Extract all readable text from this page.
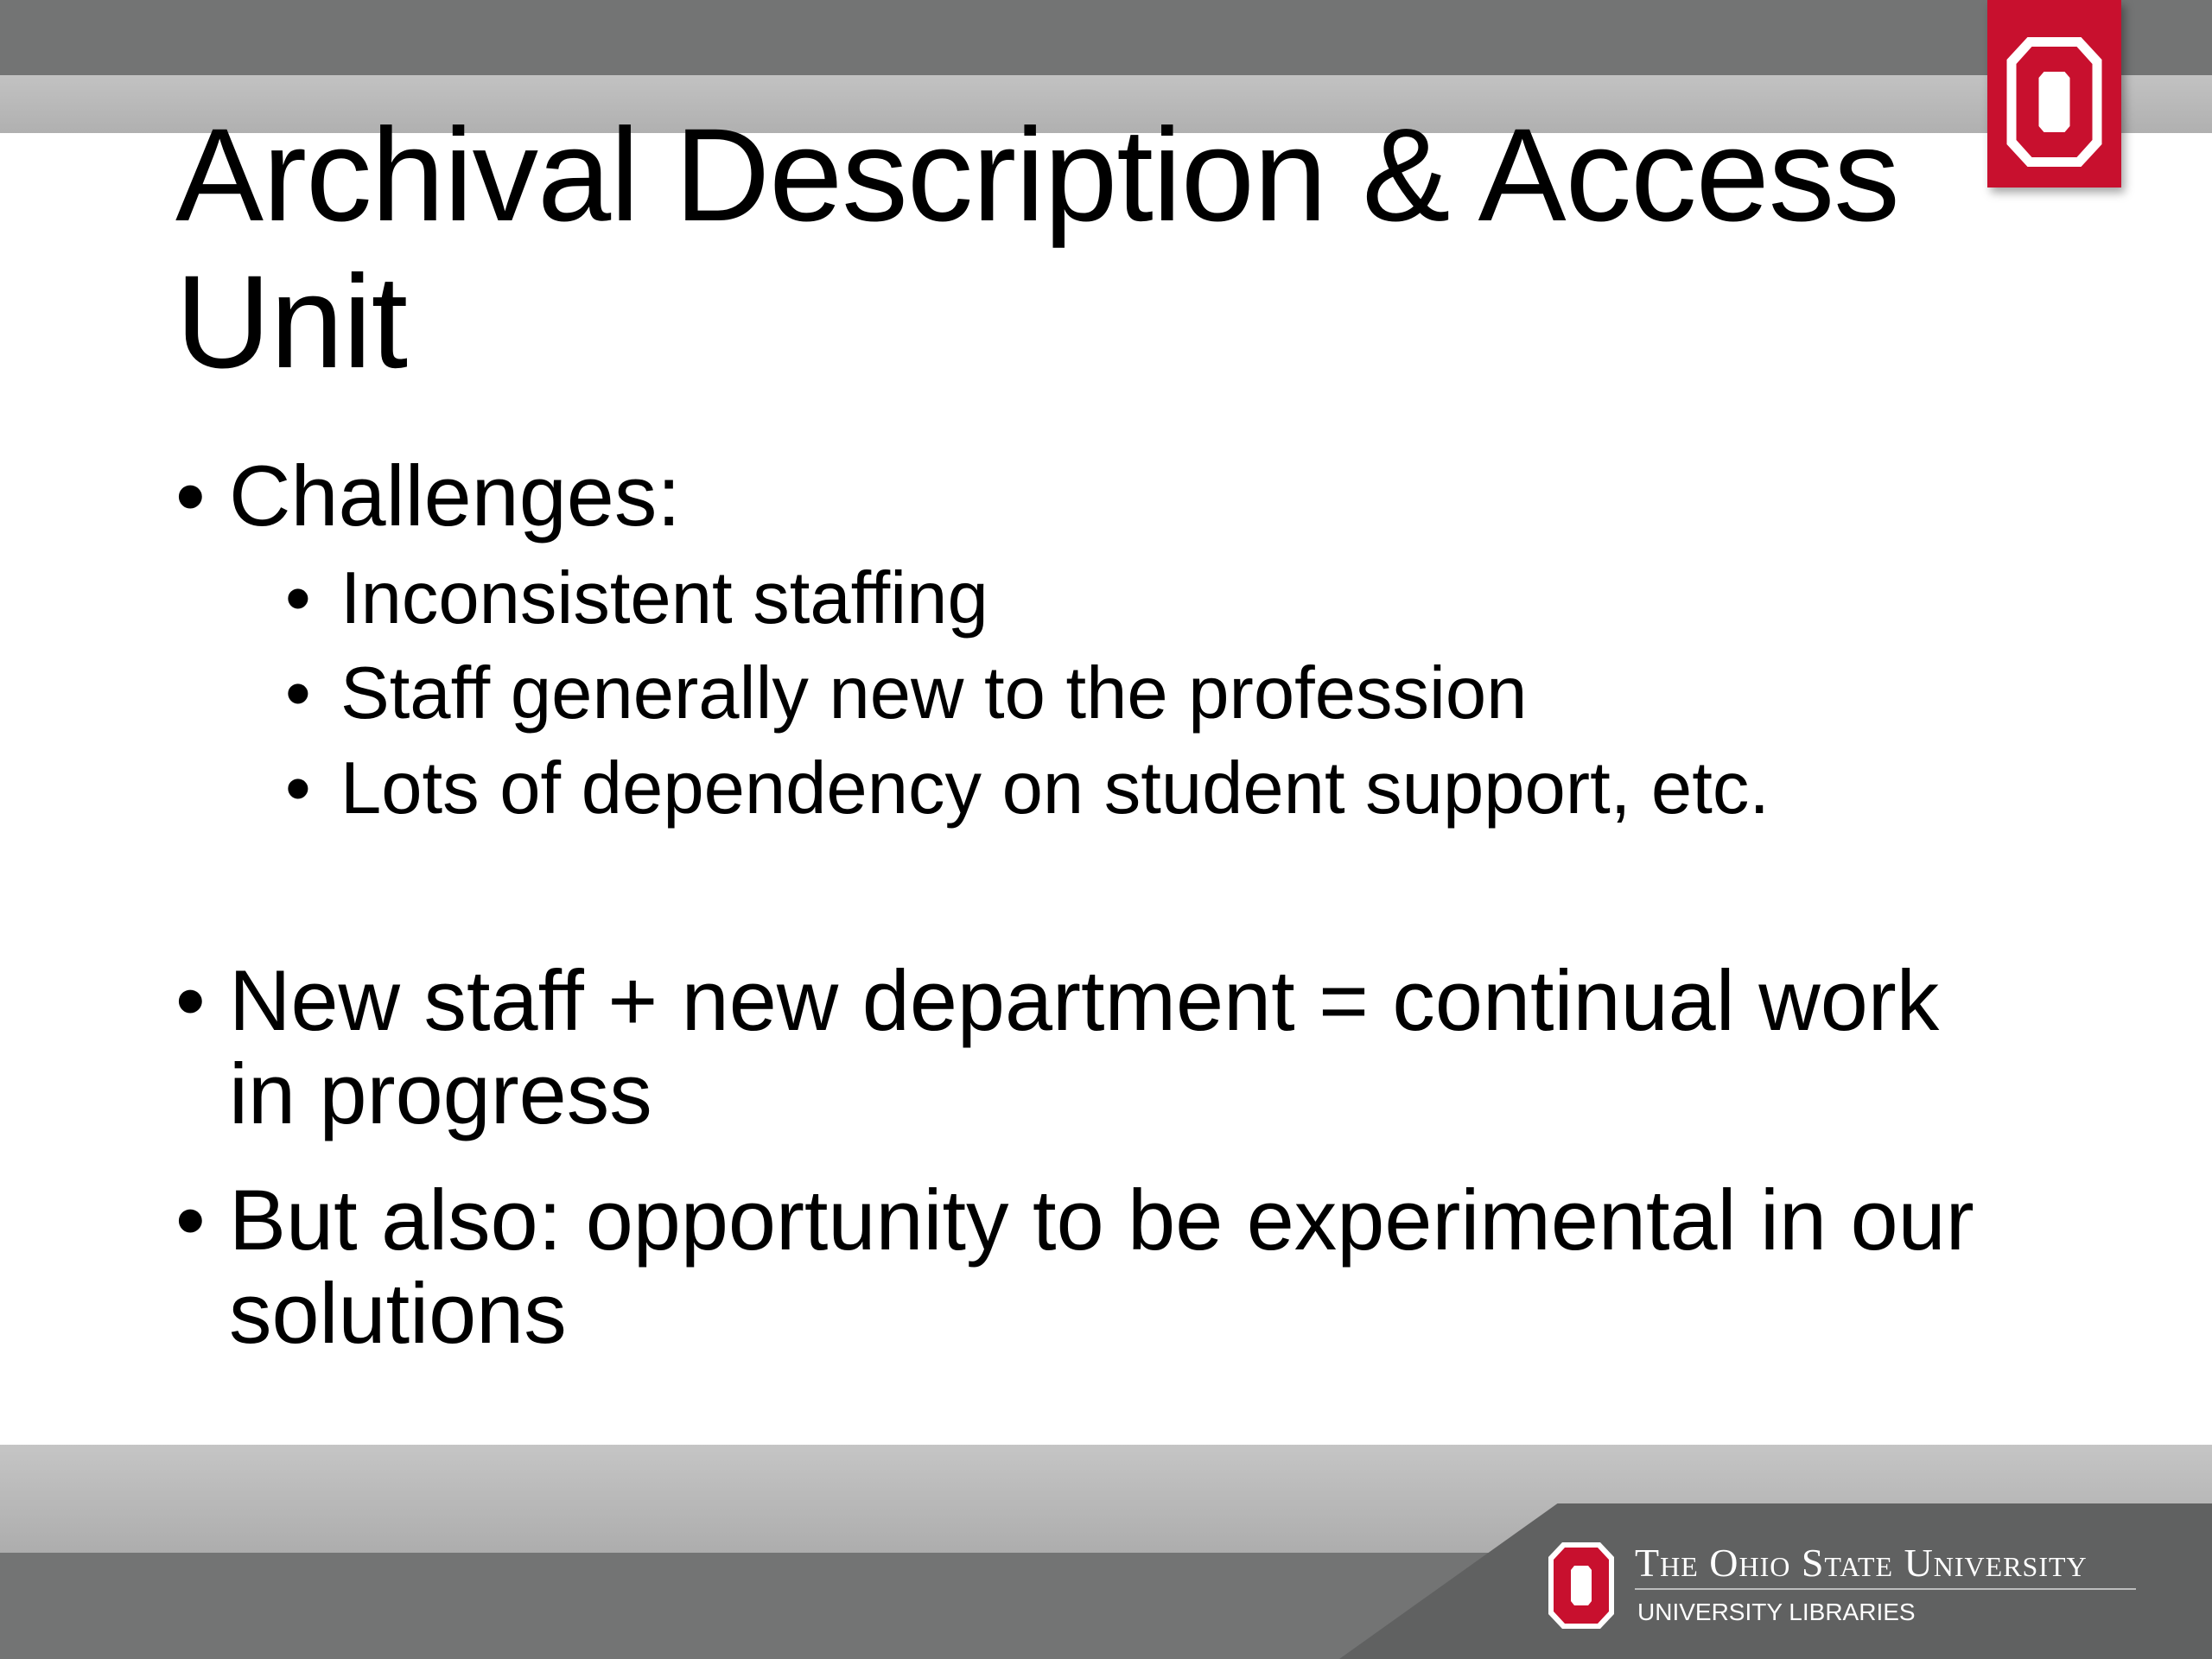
Archival Description & Access Unit
• Challenges:
• Inconsistent staffing
• Staff generally new to the profession
• Lots of dependency on student support, etc.
• New staff + new department = continual work in progress
• But also: opportunity to be experimental in our solutions
The Ohio State University
UNIVERSITY LIBRARIES
